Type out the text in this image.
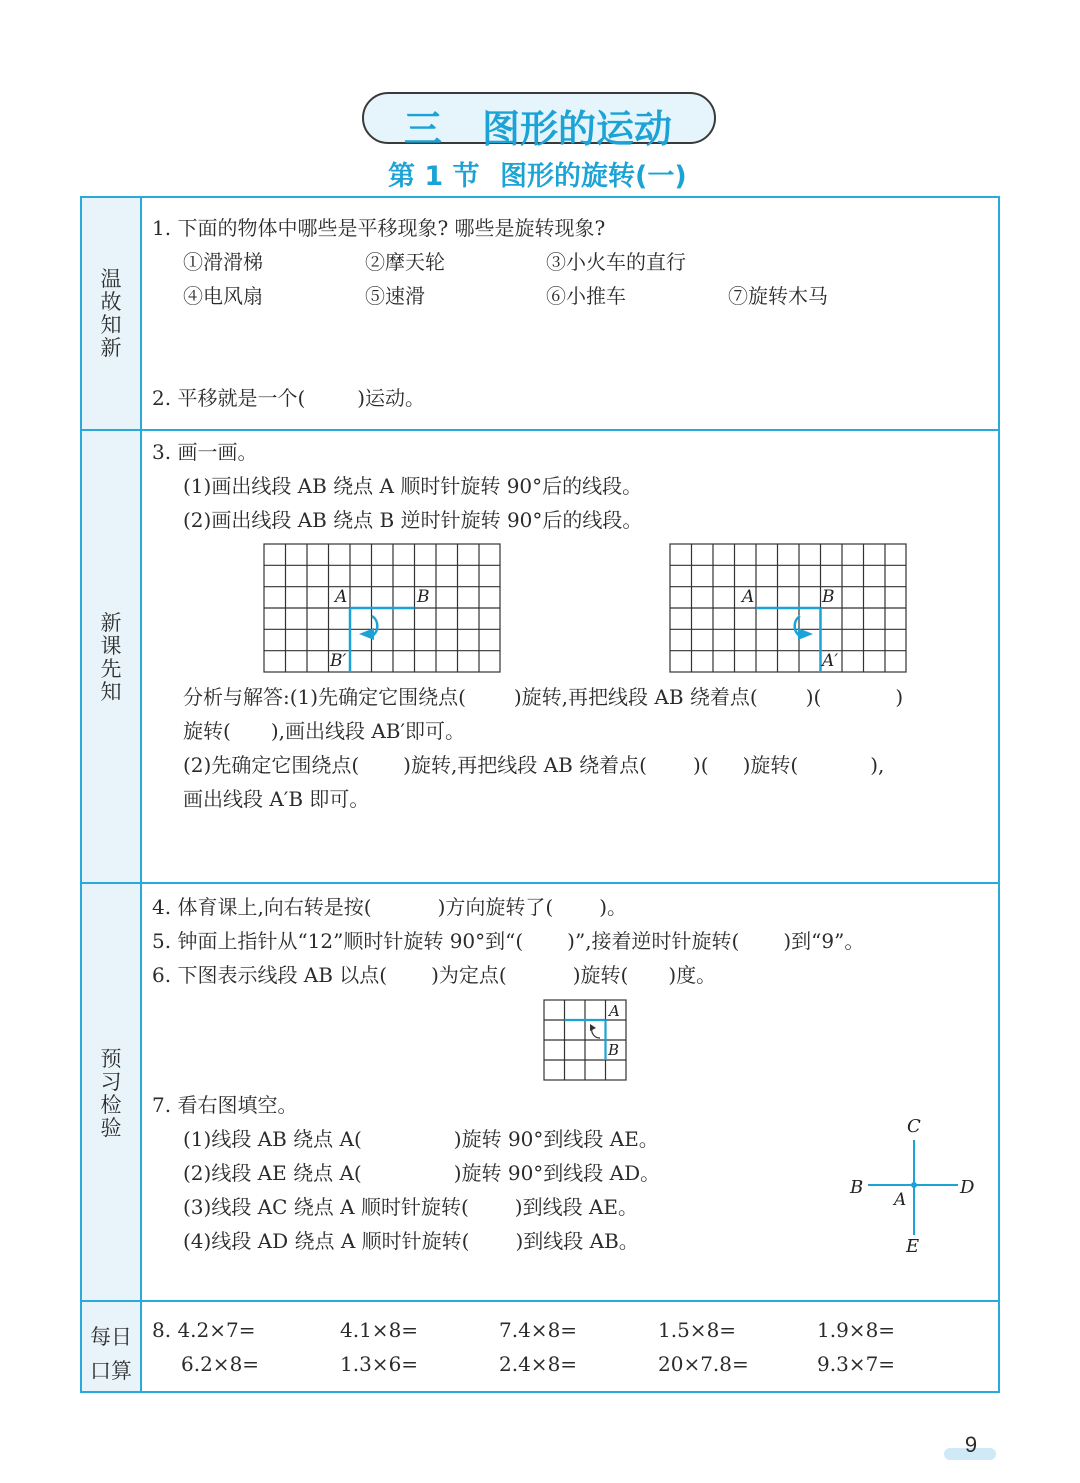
三 图形的运动
第 1 节 图形的旋转(一)
温
故
知
新
新
课
先
知
预
习
检
验
每日
口算
1. 下面的物体中哪些是平移现象? 哪些是旋转现象?
①滑滑梯	②摩天轮	③小火车的直行
④电风扇	⑤速滑	⑥小推车	⑦旋转木马
2. 平移就是一个(	)运动。
3. 画一画。
(1)画出线段 AB 绕点 A 顺时针旋转 90°后的线段。
(2)画出线段 AB 绕点 B 逆时针旋转 90°后的线段。
A	B
B′
A	B
A′
分析与解答:(1)先确定它围绕点( )旋转,再把线段 AB 绕着点( )(	)
旋转( ),画出线段 AB′即可。
(2)先确定它围绕点( )旋转,再把线段 AB 绕着点( )( )旋转(	),
画出线段 A′B 即可。
4. 体育课上,向右转是按(	)方向旋转了( )。
5. 钟面上指针从“12”顺时针旋转 90°到“( )”,接着逆时针旋转( )到“9”。
6. 下图表示线段 AB 以点( )为定点(	)旋转( )度。
A
B
7. 看右图填空。
(1)线段 AB 绕点 A(	)旋转 90°到线段 AE。
(2)线段 AE 绕点 A(	)旋转 90°到线段 AD。
(3)线段 AC 绕点 A 顺时针旋转( )到线段 AE。
(4)线段 AD 绕点 A 顺时针旋转( )到线段 AB。
C
B
A
D
E
8. 4.2×7=	4.1×8=	7.4×8=	1.5×8=	1.9×8=
6.2×8=	1.3×6=	2.4×8=	20×7.8=	9.3×7=
9
